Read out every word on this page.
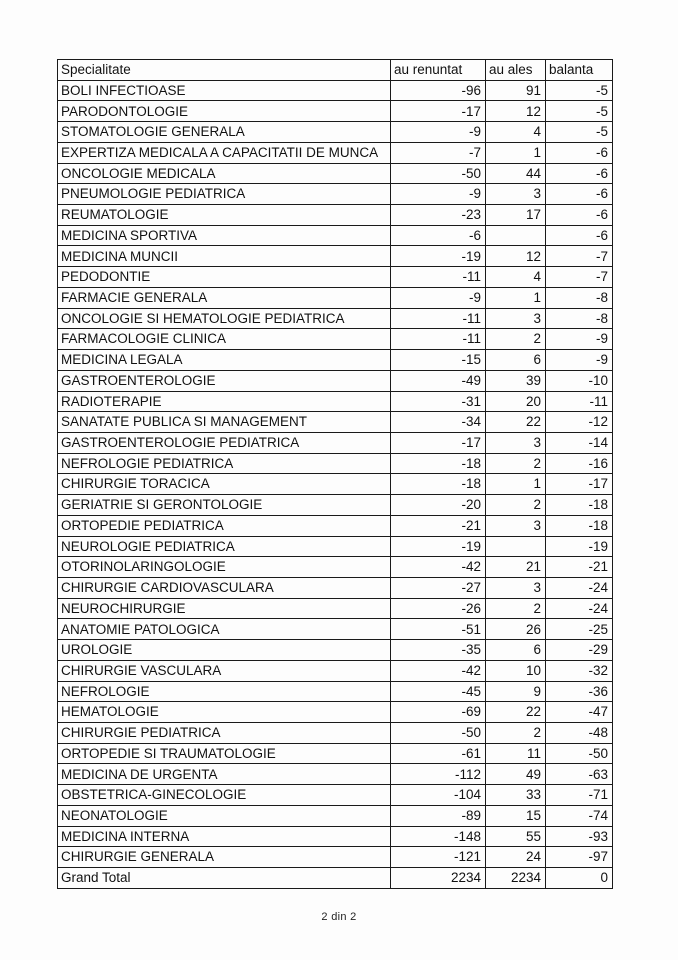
Specialitate	au renuntat	au ales	balanta
BOLI INFECTIOASE	-96	91	-5
PARODONTOLOGIE	-17	12	-5
STOMATOLOGIE GENERALA	-9	4	-5
EXPERTIZA MEDICALA A CAPACITATII DE MUNCA	-7	1	-6
ONCOLOGIE MEDICALA	-50	44	-6
PNEUMOLOGIE PEDIATRICA	-9	3	-6
REUMATOLOGIE	-23	17	-6
MEDICINA SPORTIVA	-6		-6
MEDICINA MUNCII	-19	12	-7
PEDODONTIE	-11	4	-7
FARMACIE GENERALA	-9	1	-8
ONCOLOGIE SI HEMATOLOGIE PEDIATRICA	-11	3	-8
FARMACOLOGIE CLINICA	-11	2	-9
MEDICINA LEGALA	-15	6	-9
GASTROENTEROLOGIE	-49	39	-10
RADIOTERAPIE	-31	20	-11
SANATATE PUBLICA SI MANAGEMENT	-34	22	-12
GASTROENTEROLOGIE PEDIATRICA	-17	3	-14
NEFROLOGIE PEDIATRICA	-18	2	-16
CHIRURGIE TORACICA	-18	1	-17
GERIATRIE SI GERONTOLOGIE	-20	2	-18
ORTOPEDIE PEDIATRICA	-21	3	-18
NEUROLOGIE PEDIATRICA	-19		-19
OTORINOLARINGOLOGIE	-42	21	-21
CHIRURGIE CARDIOVASCULARA	-27	3	-24
NEUROCHIRURGIE	-26	2	-24
ANATOMIE PATOLOGICA	-51	26	-25
UROLOGIE	-35	6	-29
CHIRURGIE VASCULARA	-42	10	-32
NEFROLOGIE	-45	9	-36
HEMATOLOGIE	-69	22	-47
CHIRURGIE PEDIATRICA	-50	2	-48
ORTOPEDIE SI TRAUMATOLOGIE	-61	11	-50
MEDICINA DE URGENTA	-112	49	-63
OBSTETRICA-GINECOLOGIE	-104	33	-71
NEONATOLOGIE	-89	15	-74
MEDICINA INTERNA	-148	55	-93
CHIRURGIE GENERALA	-121	24	-97
Grand Total	2234	2234	0
2 din 2
